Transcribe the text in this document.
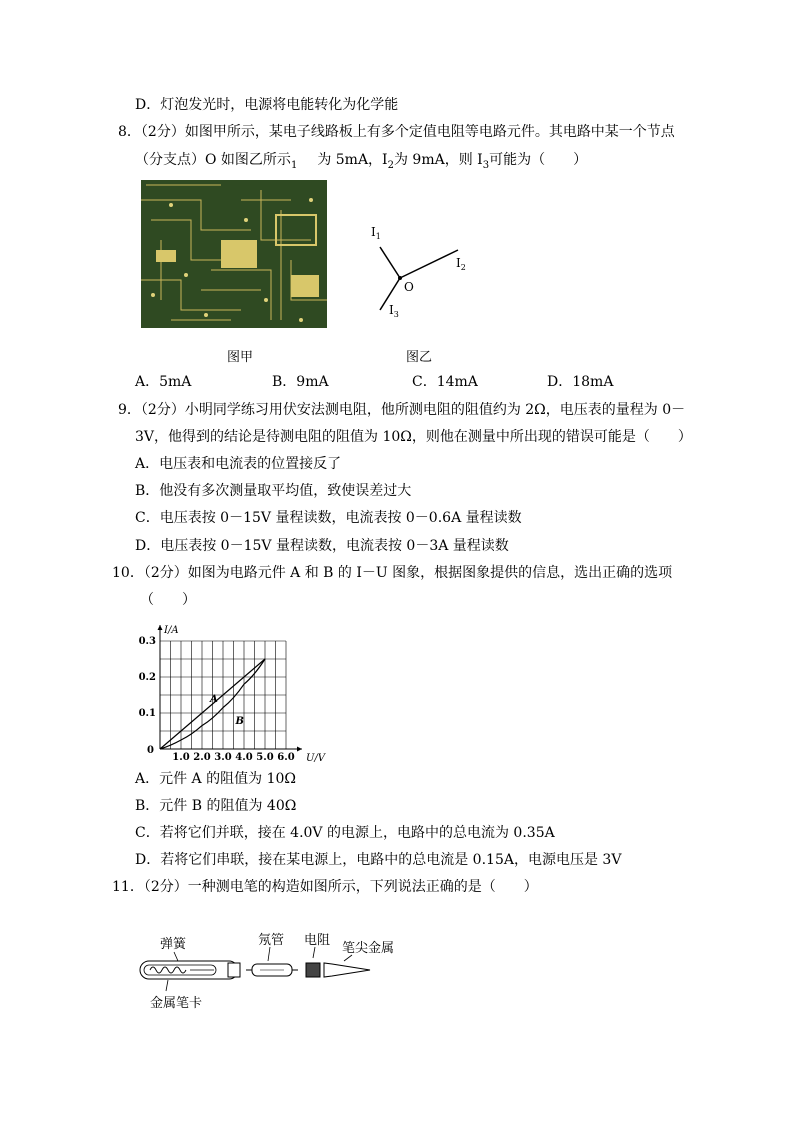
D．灯泡发光时，电源将电能转化为化学能
8．（2分）如图甲所示，某电子线路板上有多个定值电阻等电路元件。其电路中某一个节点
（分支点）O 如图乙所示$_1$ 为 5mA，$I_2$为 9mA，则 $I_3$可能为（　　）
$I_1$
$I_2$
$I_3$
O
图甲	图乙
A．5mA	B．9mA	C．14mA	D．18mA
9．（2分）小明同学练习用伏安法测电阻，他所测电阻的阻值约为 2Ω，电压表的量程为 0－
3V，他得到的结论是待测电阻的阻值为 10Ω，则他在测量中所出现的错误可能是（　　）
A．电压表和电流表的位置接反了
B．他没有多次测量取平均值，致使误差过大
C．电压表按 0－15V 量程读数，电流表按 0－0.6A 量程读数
D．电压表按 0－15V 量程读数，电流表按 0－3A 量程读数
10．（2分）如图为电路元件 A 和 B 的 I－U 图象，根据图象提供的信息，选出正确的选项
（　　）
1.0 2.0 3.0 4.0 5.0 6.0
0.1
0.2
0.3
0
U/V
I/A
A
B
A．元件 A 的阻值为 10Ω
B．元件 B 的阻值为 40Ω
C．若将它们并联，接在 4.0V 的电源上，电路中的总电流为 0.35A
D．若将它们串联，接在某电源上，电路中的总电流是 0.15A，电源电压是 3V
11．（2分）一种测电笔的构造如图所示，下列说法正确的是（　　）
弹簧	氖管 电阻
笔尖金属
金属笔卡
